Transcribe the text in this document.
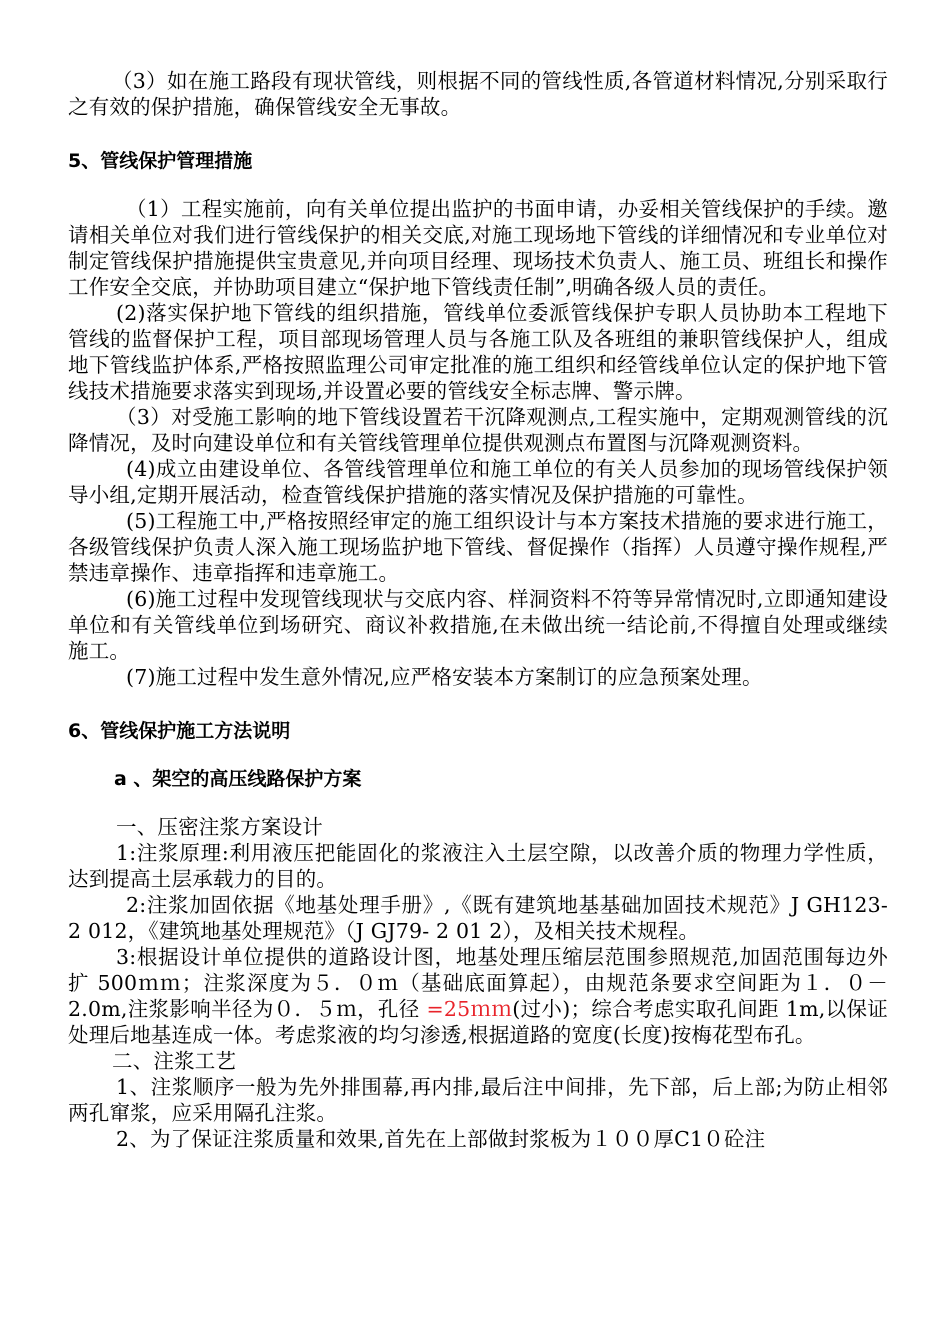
（3）如在施工路段有现状管线，则根据不同的管线性质,各管道材料情况,分别采取行之有效的保护措施，确保管线安全无事故。

5、管线保护管理措施

（1）工程实施前，向有关单位提出监护的书面申请，办妥相关管线保护的手续。邀请相关单位对我们进行管线保护的相关交底,对施工现场地下管线的详细情况和专业单位对制定管线保护措施提供宝贵意见,并向项目经理、现场技术负责人、施工员、班组长和操作工作安全交底，并协助项目建立“保护地下管线责任制”,明确各级人员的责任。

(2)落实保护地下管线的组织措施，管线单位委派管线保护专职人员协助本工程地下管线的监督保护工程，项目部现场管理人员与各施工队及各班组的兼职管线保护人，组成地下管线监护体系,严格按照监理公司审定批准的施工组织和经管线单位认定的保护地下管线技术措施要求落实到现场,并设置必要的管线安全标志牌、警示牌。

（3）对受施工影响的地下管线设置若干沉降观测点,工程实施中，定期观测管线的沉降情况，及时向建设单位和有关管线管理单位提供观测点布置图与沉降观测资料。

(4)成立由建设单位、各管线管理单位和施工单位的有关人员参加的现场管线保护领导小组,定期开展活动，检查管线保护措施的落实情况及保护措施的可靠性。

(5)工程施工中,严格按照经审定的施工组织设计与本方案技术措施的要求进行施工，各级管线保护负责人深入施工现场监护地下管线、督促操作（指挥）人员遵守操作规程,严禁违章操作、违章指挥和违章施工。

(6)施工过程中发现管线现状与交底内容、样洞资料不符等异常情况时,立即通知建设单位和有关管线单位到场研究、商议补救措施,在未做出统一结论前,不得擅自处理或继续施工。

(7)施工过程中发生意外情况,应严格安装本方案制订的应急预案处理。

6、管线保护施工方法说明
a 、架空的高压线路保护方案

一、压密注浆方案设计

1:注浆原理:利用液压把能固化的浆液注入土层空隙，以改善介质的物理力学性质，达到提高土层承载力的目的。

2:注浆加固依据《地基处理手册》,《既有建筑地基基础加固技术规范》J GH123- 2 012，《建筑地基处理规范》（J GJ79- 2 01 2），及相关技术规程。

3:根据设计单位提供的道路设计图，地基处理压缩层范围参照规范,加固范围每边外扩 500ｍｍ；注浆深度为５．０ｍ（基础底面算起），由规范条要求空间距为１．０－2.0m,注浆影响半径为０．５ｍ，孔径 =25ｍｍ(过小)；综合考虑实取孔间距 1m,以保证处理后地基连成一体。考虑浆液的均匀渗透,根据道路的宽度(长度)按梅花型布孔。

二、注浆工艺

1、注浆顺序一般为先外排围幕,再内排,最后注中间排，先下部，后上部;为防止相邻两孔窜浆，应采用隔孔注浆。

2、为了保证注浆质量和效果,首先在上部做封浆板为１００厚C1０砼注
